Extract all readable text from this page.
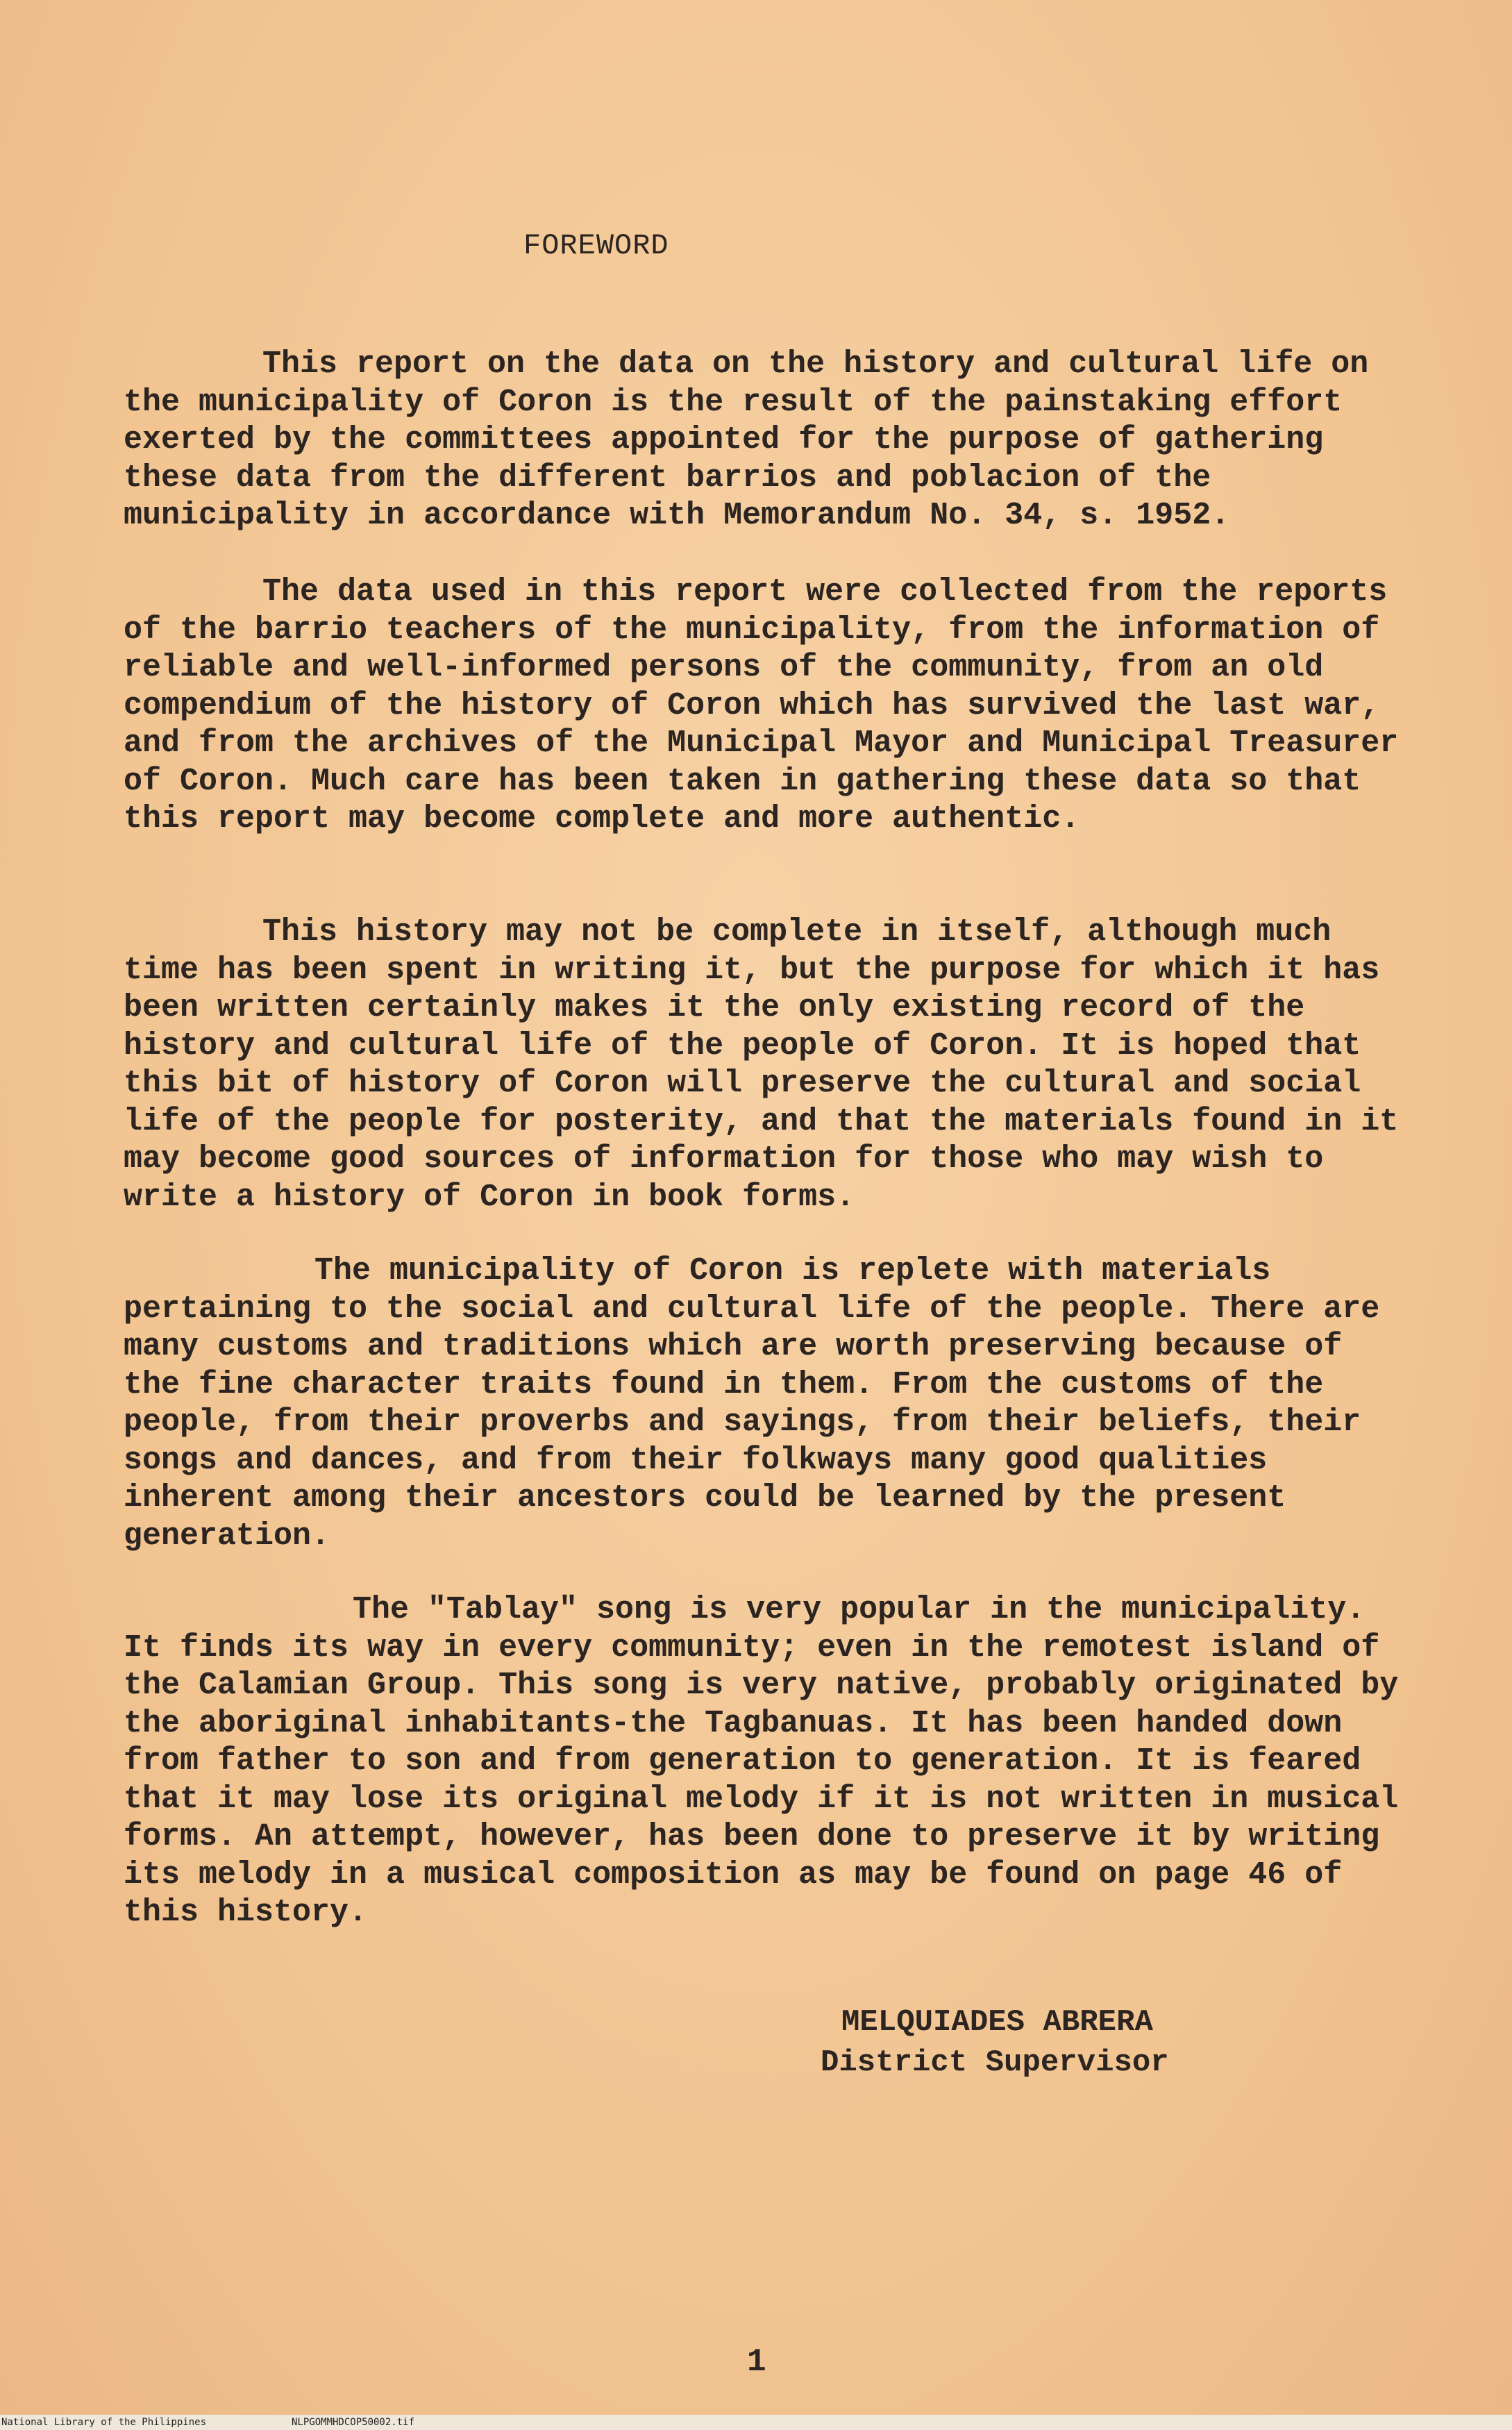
FOREWORD

This report on the data on the history and cultural life on the municipality of Coron is the result of the painstaking effort exerted by the committees appointed for the purpose of gathering these data from the different barrios and poblacion of the municipality in accordance with Memorandum No. 34, s. 1952.

The data used in this report were collected from the reports of the barrio teachers of the municipality, from the information of reliable and well-informed persons of the community, from an old compendium of the history of Coron which has survived the last war, and from the archives of the Municipal Mayor and Municipal Treasurer of Coron. Much care has been taken in gathering these data so that this report may become complete and more authentic.

This history may not be complete in itself, although much time has been spent in writing it, but the purpose for which it has been written certainly makes it the only existing record of the history and cultural life of the people of Coron. It is hoped that this bit of history of Coron will preserve the cultural and social life of the people for posterity, and that the materials found in it may become good sources of information for those who may wish to write a history of Coron in book forms.

The municipality of Coron is replete with materials pertaining to the social and cultural life of the people. There are many customs and traditions which are worth preserving because of the fine character traits found in them. From the customs of the people, from their proverbs and sayings, from their beliefs, their songs and dances, and from their folkways many good qualities inherent among their ancestors could be learned by the present generation.

The "Tablay" song is very popular in the municipality. It finds its way in every community; even in the remotest island of the Calamian Group. This song is very native, probably originated by the aboriginal inhabitants-the Tagbanuas. It has been handed down from father to son and from generation to generation. It is feared that it may lose its original melody if it is not written in musical forms. An attempt, however, has been done to preserve it by writing its melody in a musical composition as may be found on page 46 of this history.

MELQUIADES ABRERA
District Supervisor
1
National Library of the Philippines	NLPGOMMHDCOP50002.tif
